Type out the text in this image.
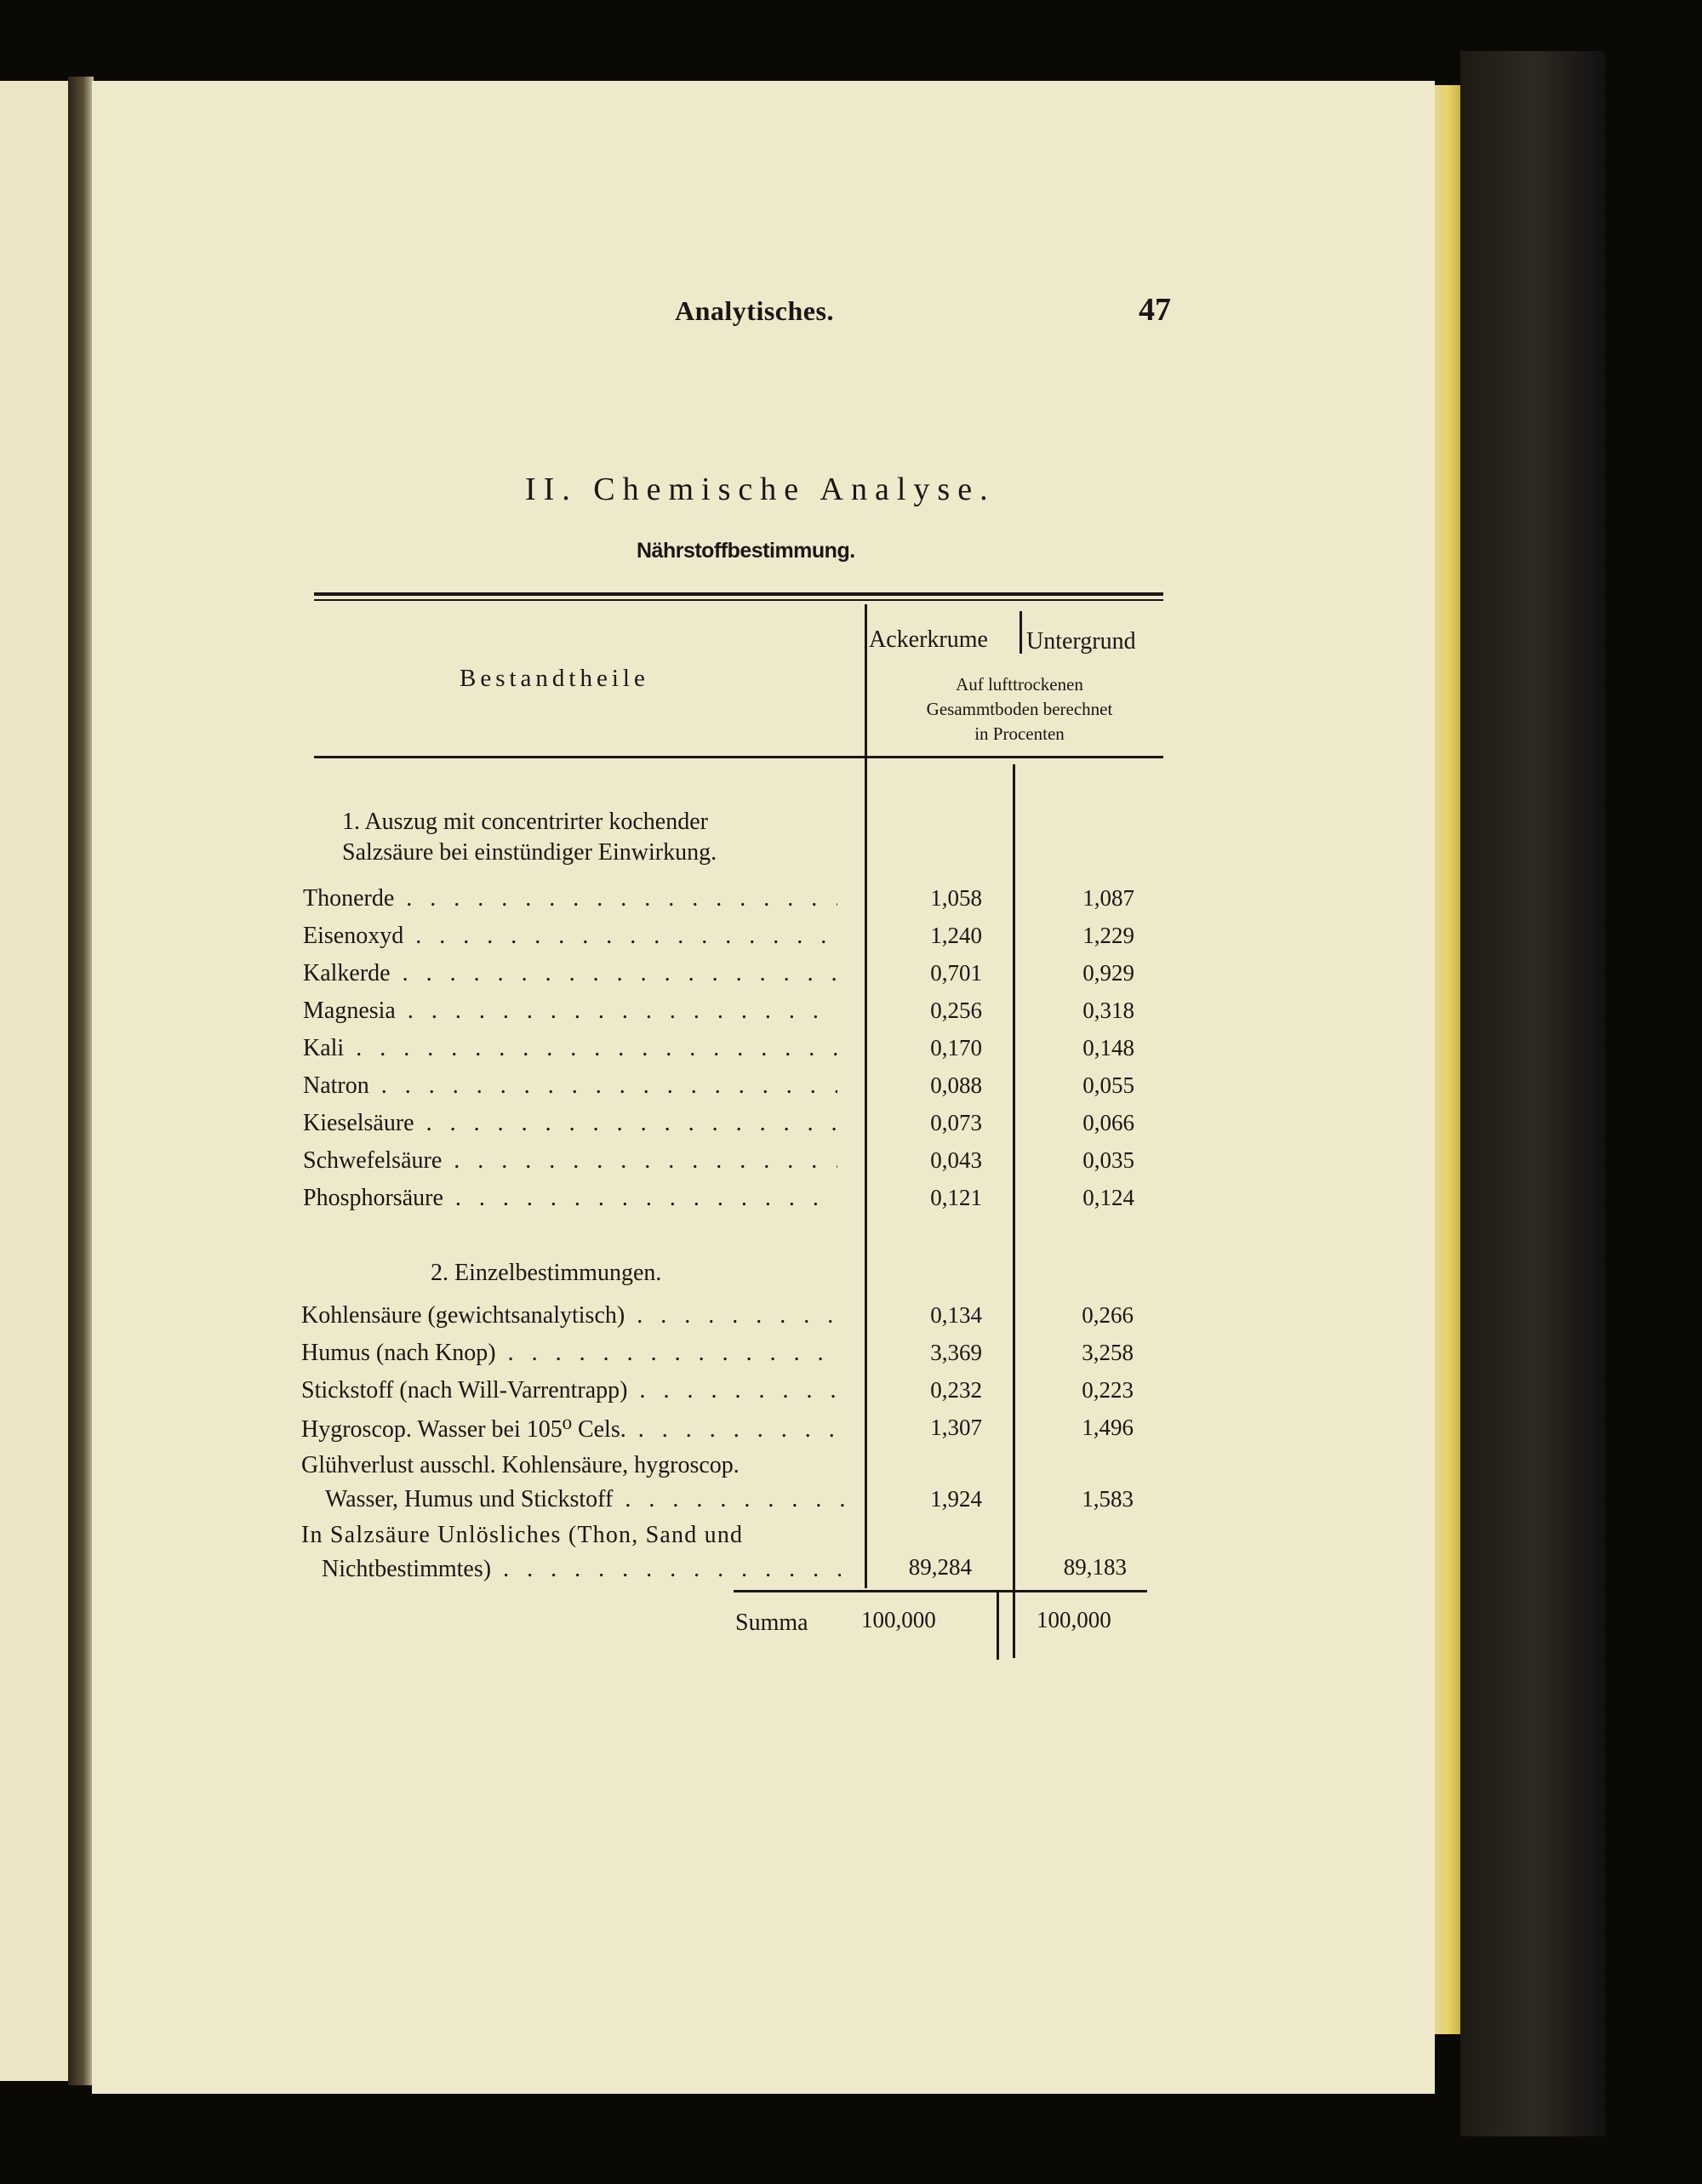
Analytisches.	47
II. Chemische Analyse.
Nährstoffbestimmung.
Bestandtheile
Ackerkrume Untergrund
Auf lufttrockenen
Gesammtboden berechnet
in Procenten
1. Auszug mit concentrirter kochender
Salzsäure bei einstündiger Einwirkung.
Thonerde . . .	1,058	1,087
Eisenoxyd . . .	1,240	1,229
Kalkerde . . .	0,701	0,929
Magnesia . . .	0,256	0,318
Kali . . .	0,170	0,148
Natron . . .	0,088	0,055
Kieselsäure . . .	0,073	0,066
Schwefelsäure . . .	0,043	0,035
Phosphorsäure . . .	0,121	0,124
2. Einzelbestimmungen.
Kohlensäure (gewichtsanalytisch) . . .	0,134	0,266
Humus (nach Knop) . . .	3,369	3,258
Stickstoff (nach Will-Varrentrapp) . . .	0,232	0,223
Hygroscop. Wasser bei 105⁰ Cels. . . .	1,307	1,496
Glühverlust ausschl. Kohlensäure, hygroscop.
Wasser, Humus und Stickstoff . . .	1,924	1,583
In Salzsäure Unlösliches (Thon, Sand und
Nichtbestimmtes) . . .	89,284	89,183
Summa 100,000	100,000
